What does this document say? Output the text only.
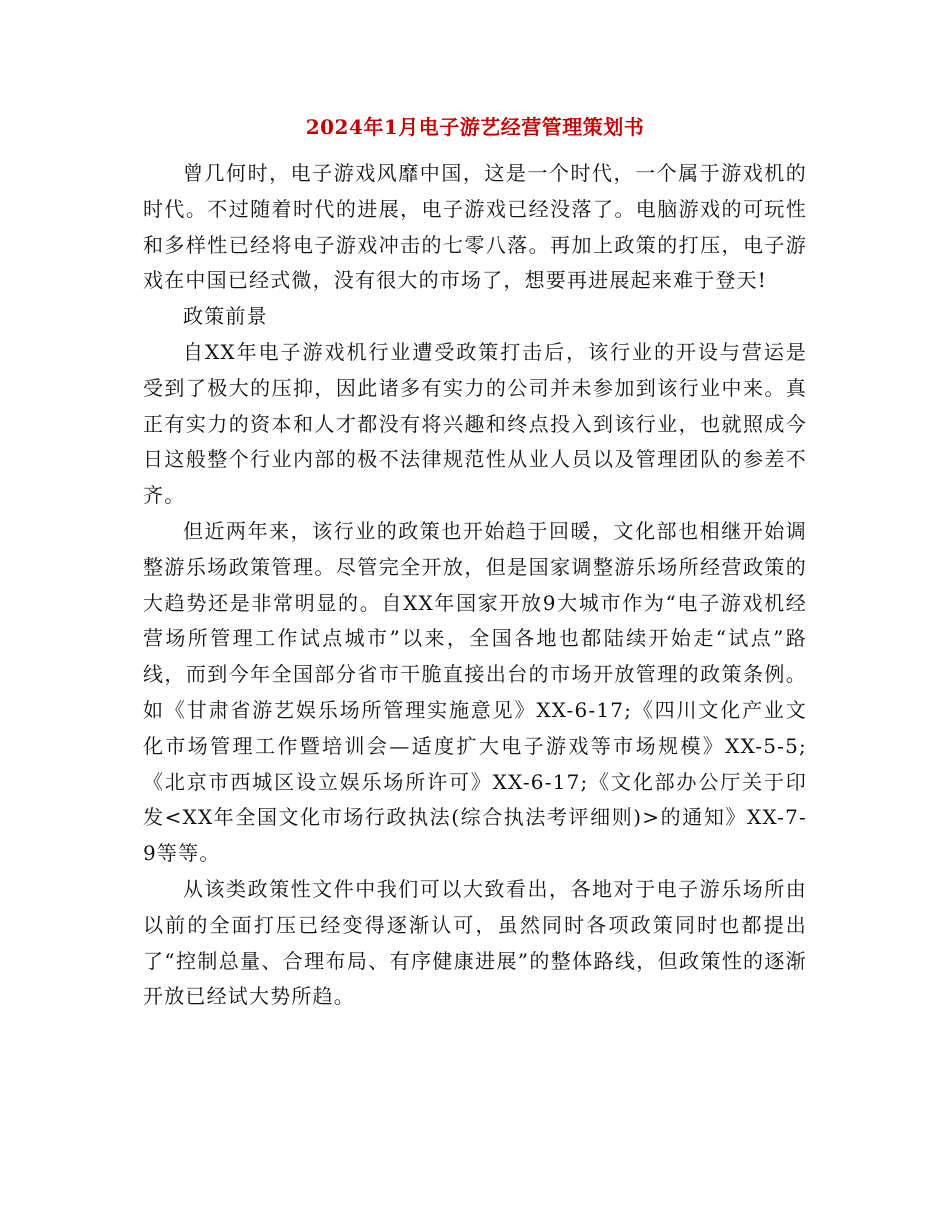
2024年1月电子游艺经营管理策划书

曾几何时，电子游戏风靡中国，这是一个时代，一个属于游戏机的时代。不过随着时代的进展，电子游戏已经没落了。电脑游戏的可玩性和多样性已经将电子游戏冲击的七零八落。再加上政策的打压，电子游戏在中国已经式微，没有很大的市场了，想要再进展起来难于登天!

政策前景

自XX年电子游戏机行业遭受政策打击后，该行业的开设与营运是受到了极大的压抑，因此诸多有实力的公司并未参加到该行业中来。真正有实力的资本和人才都没有将兴趣和终点投入到该行业，也就照成今日这般整个行业内部的极不法律规范性从业人员以及管理团队的参差不齐。

但近两年来，该行业的政策也开始趋于回暖，文化部也相继开始调整游乐场政策管理。尽管完全开放，但是国家调整游乐场所经营政策的大趋势还是非常明显的。自XX年国家开放9大城市作为“电子游戏机经营场所管理工作试点城市”以来，全国各地也都陆续开始走“试点”路线，而到今年全国部分省市干脆直接出台的市场开放管理的政策条例。如《甘肃省游艺娱乐场所管理实施意见》XX-6-17;《四川文化产业文化市场管理工作暨培训会—适度扩大电子游戏等市场规模》XX-5-5;《北京市西城区设立娱乐场所许可》XX-6-17;《文化部办公厅关于印发<XX年全国文化市场行政执法(综合执法考评细则)>的通知》XX-7-9等等。

从该类政策性文件中我们可以大致看出，各地对于电子游乐场所由以前的全面打压已经变得逐渐认可，虽然同时各项政策同时也都提出了“控制总量、合理布局、有序健康进展”的整体路线，但政策性的逐渐开放已经试大势所趋。
